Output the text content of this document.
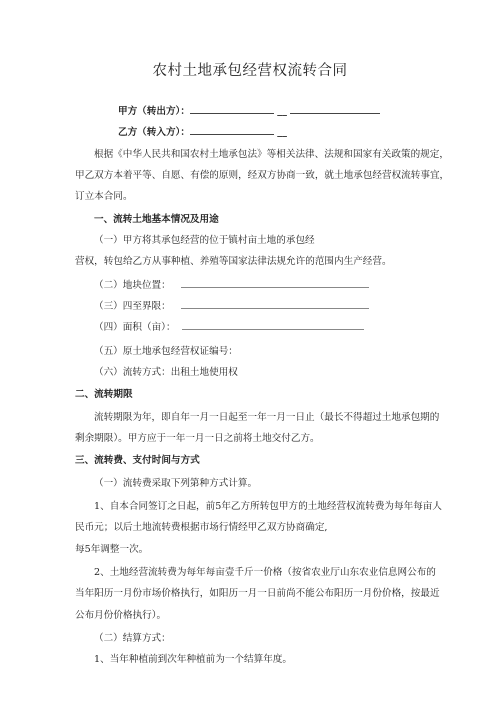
农村土地承包经营权流转合同
甲方（转出方）：	__
乙方（转入方）：	__
根据《中华人民共和国农村土地承包法》等相关法律、法规和国家有关政策的规定，
甲乙双方本着平等、自愿、有偿的原则，经双方协商一致，就土地承包经营权流转事宜，
订立本合同。
一、流转土地基本情况及用途
（一）甲方将其承包经营的位于镇村亩土地的承包经
营权，转包给乙方从事种植、养殖等国家法律法规允许的范围内生产经营。
（二）地块位置：
（三）四至界限：
（四）面积（亩）：
（五）原土地承包经营权证编号：
（六）流转方式：出租土地使用权
二、流转期限
流转期限为年，即自年一月一日起至一年一月一日止（最长不得超过土地承包期的
剩余期限）。甲方应于一年一月一日之前将土地交付乙方。
三、流转费、支付时间与方式
（一）流转费采取下列第种方式计算。
1、自本合同签订之日起，前5年乙方所转包甲方的土地经营权流转费为每年每亩人
民币元；以后土地流转费根据市场行情经甲乙双方协商确定,
每5年调整一次。
2、土地经营流转费为每年每亩壹千斤一价格（按省农业厅山东农业信息网公布的
当年阳历一月份市场价格执行，如阳历一月一日前尚不能公布阳历一月份价格，按最近
公布月份价格执行）。
（二）结算方式：
1、当年种植前到次年种植前为一个结算年度。
